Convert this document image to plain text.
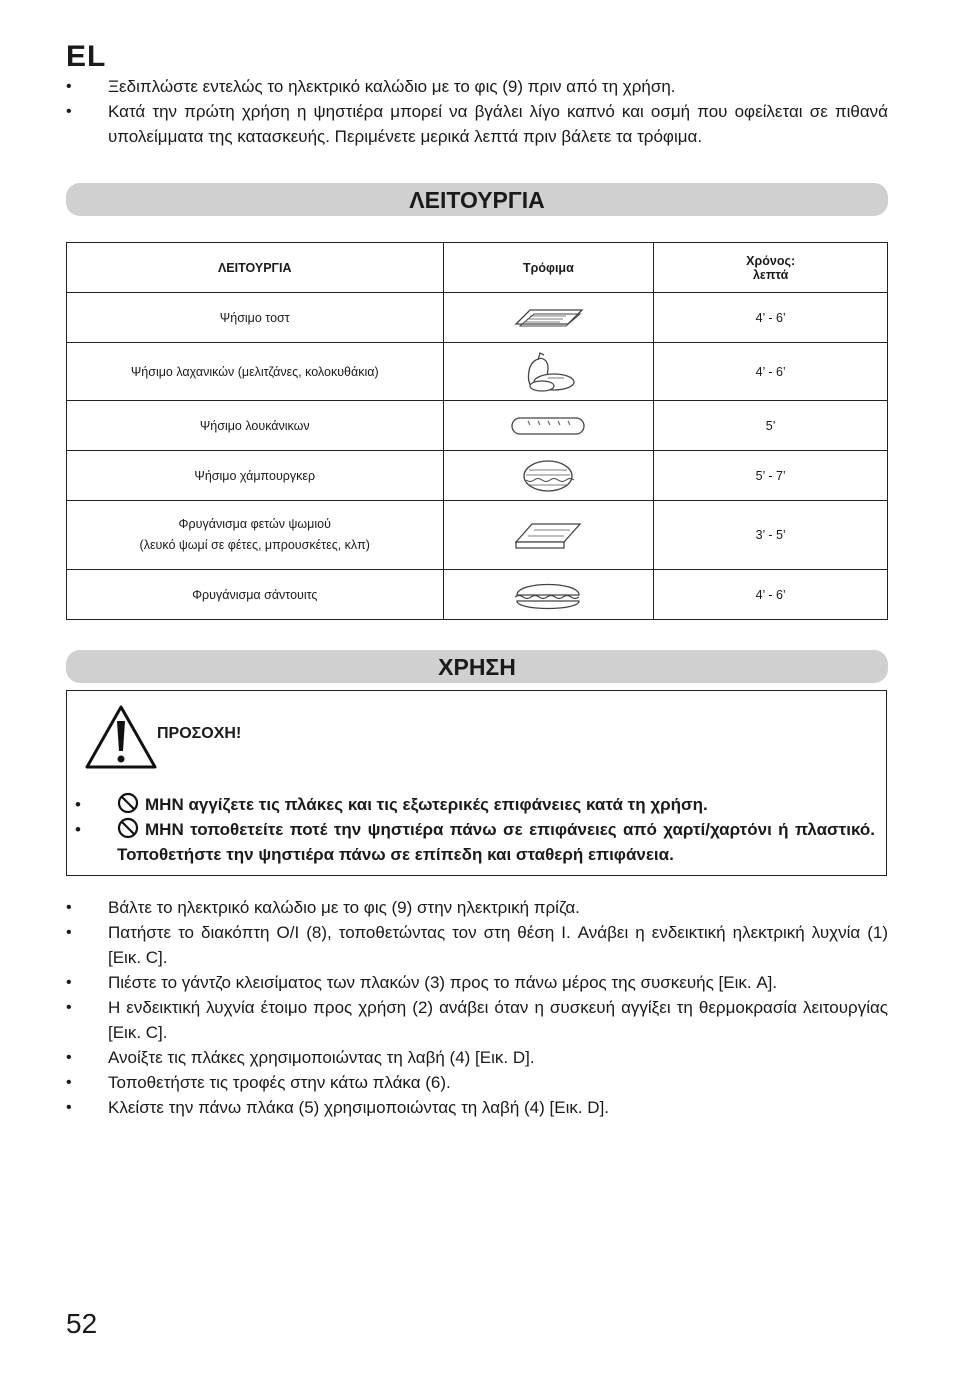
EL
• Ξεδιπλώστε εντελώς το ηλεκτρικό καλώδιο με το φις (9) πριν από τη χρήση.
• Κατά την πρώτη χρήση η ψηστιέρα μπορεί να βγάλει λίγο καπνό και οσμή που οφείλεται σε πιθανά υπολείμματα της κατασκευής. Περιμένετε μερικά λεπτά πριν βάλετε τα τρόφιμα.
ΛΕΙΤΟΥΡΓΙΑ
ΛΕΙΤΟΥΡΓΙΑ	Τρόφιμα	Χρόνος:
λεπτά

Ψήσιμο τοστ		4’ - 6’
Ψήσιμο λαχανικών (μελιτζάνες, κολοκυθάκια)		4’ - 6’
Ψήσιμο λουκάνικων		5’
Ψήσιμο χάμπουργκερ		5’ - 7’

Φρυγάνισμα φετών ψωμιού
(λευκό ψωμί σε φέτες, μπρουσκέτες, κλπ)		3’ - 5’
Φρυγάνισμα σάντουιτς		4’ - 6’
ΧΡΗΣΗ
ΠΡΟΣΟΧΗ!
•	ΜΗΝ αγγίζετε τις πλάκες και τις εξωτερικές επιφάνειες κατά τη χρήση.
•	ΜΗΝ τοποθετείτε ποτέ την ψηστιέρα πάνω σε επιφάνειες από χαρτί/χαρτόνι ή πλαστικό. Τοποθετήστε την ψηστιέρα πάνω σε επίπεδη και σταθερή επιφάνεια.
• Βάλτε το ηλεκτρικό καλώδιο με το φις (9) στην ηλεκτρική πρίζα.
• Πατήστε το διακόπτη O/I (8), τοποθετώντας τον στη θέση I. Ανάβει η ενδεικτική ηλεκτρική λυχνία (1) [Εικ. C].
• Πιέστε το γάντζο κλεισίματος των πλακών (3) προς το πάνω μέρος της συσκευής [Εικ. A].
• Η ενδεικτική λυχνία έτοιμο προς χρήση (2) ανάβει όταν η συσκευή αγγίξει τη θερμοκρασία λειτουργίας [Εικ. C].
• Ανοίξτε τις πλάκες χρησιμοποιώντας τη λαβή (4) [Εικ. D].
• Τοποθετήστε τις τροφές στην κάτω πλάκα (6).
• Κλείστε την πάνω πλάκα (5) χρησιμοποιώντας τη λαβή (4) [Εικ. D].
52
